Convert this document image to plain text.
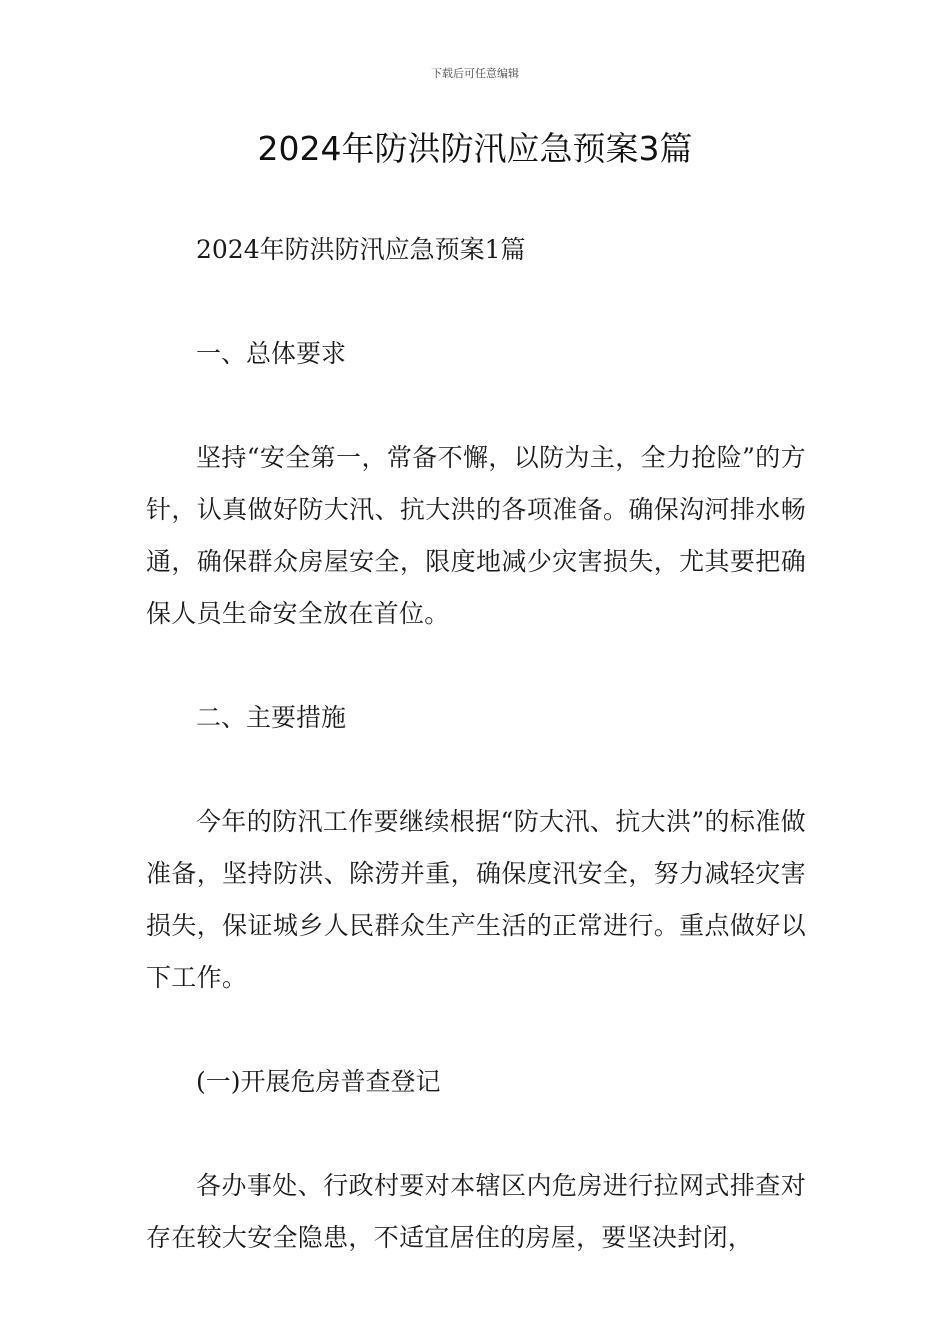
下载后可任意编辑
2024年防洪防汛应急预案3篇

2024年防洪防汛应急预案1篇

一、总体要求

坚持“安全第一，常备不懈，以防为主，全力抢险”的方针，认真做好防大汛、抗大洪的各项准备。确保沟河排水畅通，确保群众房屋安全，限度地减少灾害损失，尤其要把确保人员生命安全放在首位。

二、主要措施

今年的防汛工作要继续根据“防大汛、抗大洪”的标准做准备，坚持防洪、除涝并重，确保度汛安全，努力减轻灾害损失，保证城乡人民群众生产生活的正常进行。重点做好以下工作。

(一)开展危房普查登记

各办事处、行政村要对本辖区内危房进行拉网式排查对存在较大安全隐患，不适宜居住的房屋，要坚决封闭，
